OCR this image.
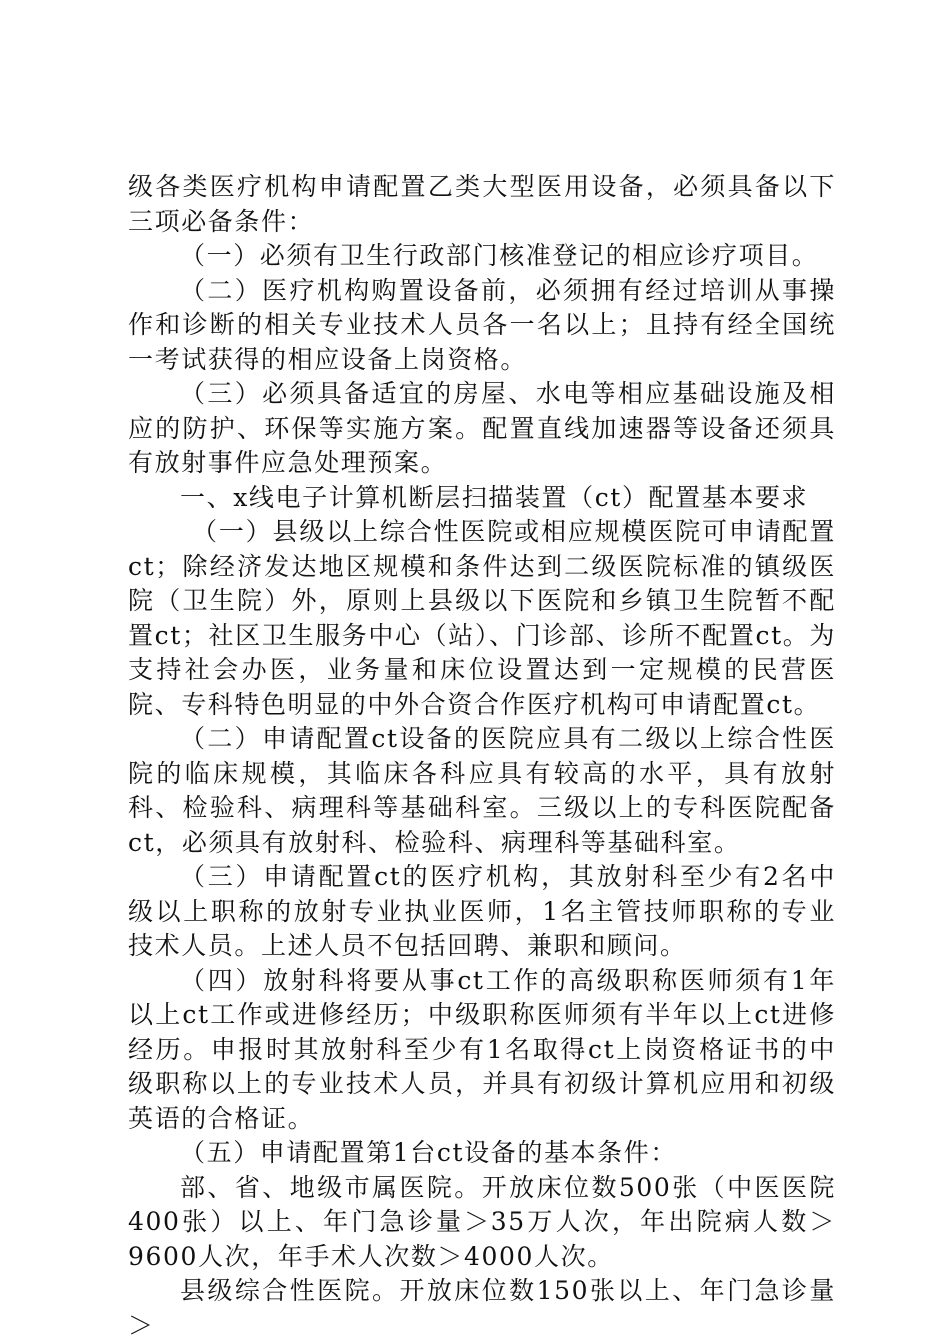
级各类医疗机构申请配置乙类大型医用设备，必须具备以下三项必备条件：

（一）必须有卫生行政部门核准登记的相应诊疗项目。

（二）医疗机构购置设备前，必须拥有经过培训从事操作和诊断的相关专业技术人员各一名以上；且持有经全国统一考试获得的相应设备上岗资格。

（三）必须具备适宜的房屋、水电等相应基础设施及相应的防护、环保等实施方案。配置直线加速器等设备还须具有放射事件应急处理预案。

一、x线电子计算机断层扫描装置（ct）配置基本要求

（一）县级以上综合性医院或相应规模医院可申请配置ct；除经济发达地区规模和条件达到二级医院标准的镇级医院（卫生院）外，原则上县级以下医院和乡镇卫生院暂不配置ct；社区卫生服务中心（站）、门诊部、诊所不配置ct。为支持社会办医，业务量和床位设置达到一定规模的民营医院、专科特色明显的中外合资合作医疗机构可申请配置ct。

（二）申请配置ct设备的医院应具有二级以上综合性医院的临床规模，其临床各科应具有较高的水平，具有放射科、检验科、病理科等基础科室。三级以上的专科医院配备ct，必须具有放射科、检验科、病理科等基础科室。

（三）申请配置ct的医疗机构，其放射科至少有2名中级以上职称的放射专业执业医师，1名主管技师职称的专业技术人员。上述人员不包括回聘、兼职和顾问。

（四）放射科将要从事ct工作的高级职称医师须有1年以上ct工作或进修经历；中级职称医师须有半年以上ct进修经历。申报时其放射科至少有1名取得ct上岗资格证书的中级职称以上的专业技术人员，并具有初级计算机应用和初级英语的合格证。

（五）申请配置第1台ct设备的基本条件：

部、省、地级市属医院。开放床位数500张（中医医院400张）以上、年门急诊量＞35万人次，年出院病人数＞9600人次，年手术人次数＞4000人次。

县级综合性医院。开放床位数150张以上、年门急诊量＞
